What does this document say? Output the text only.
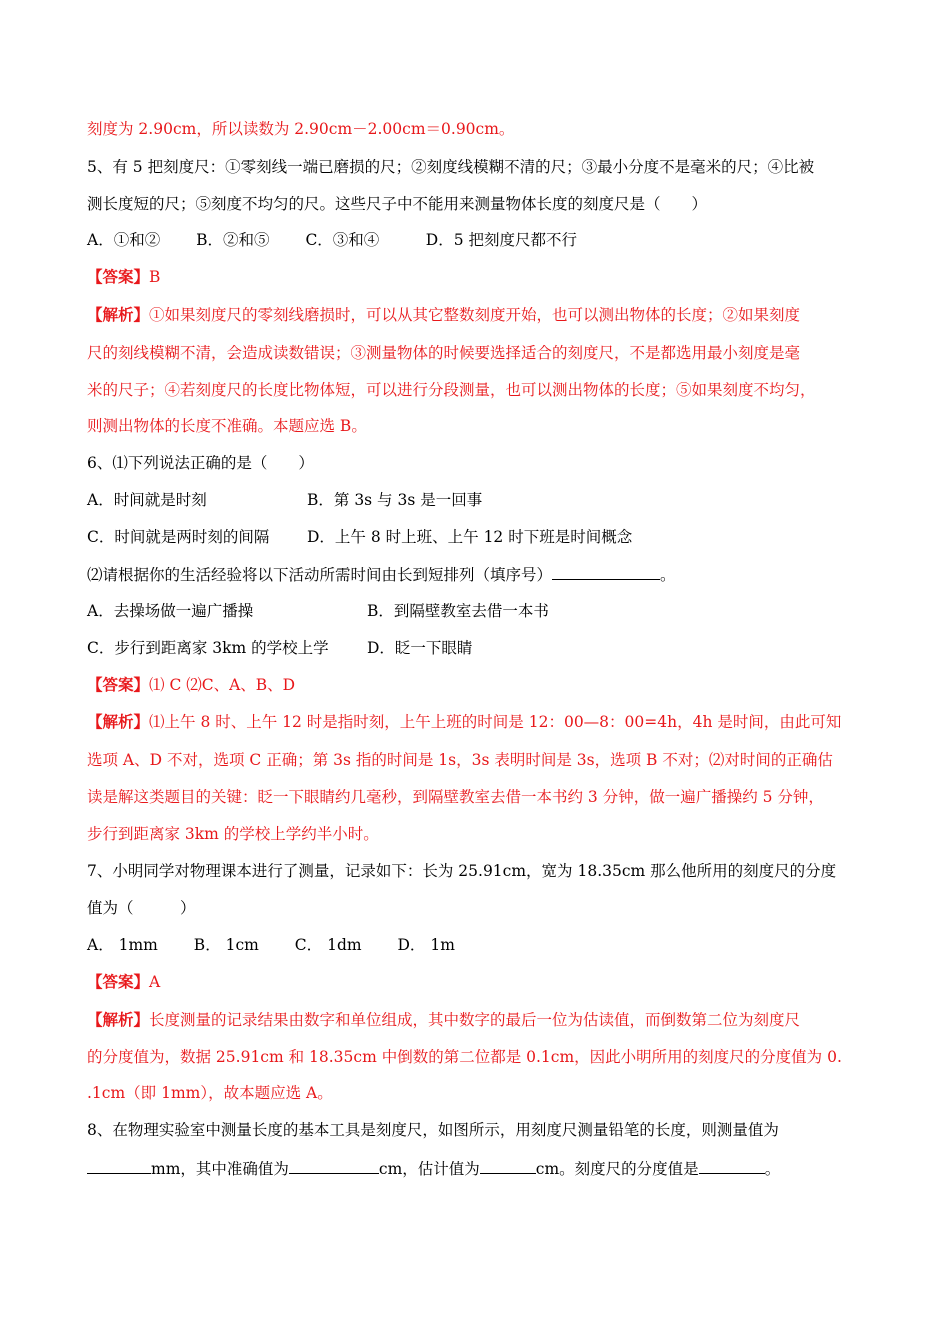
刻度为 2.90cm，所以读数为 2.90cm－2.00cm＝0.90cm。
5、有 5 把刻度尺：①零刻线一端已磨损的尺；②刻度线模糊不清的尺；③最小分度不是毫米的尺；④比被
测长度短的尺；⑤刻度不均匀的尺。这些尺子中不能用来测量物体长度的刻度尺是（　　）
A．①和②　　 B．②和⑤　　 C．③和④　　　D．5 把刻度尺都不行
【答案】B
【解析】①如果刻度尺的零刻线磨损时，可以从其它整数刻度开始，也可以测出物体的长度；②如果刻度
尺的刻线模糊不清，会造成读数错误；③测量物体的时候要选择适合的刻度尺，不是都选用最小刻度是毫
米的尺子；④若刻度尺的长度比物体短，可以进行分段测量，也可以测出物体的长度；⑤如果刻度不均匀，
则测出物体的长度不准确。本题应选 B。
6、⑴下列说法正确的是（　　）
A．时间就是时刻	B．第 3s 与 3s 是一回事
C．时间就是两时刻的间隔 D．上午 8 时上班、上午 12 时下班是时间概念
⑵请根据你的生活经验将以下活动所需时间由长到短排列（填序号）	。
A．去操场做一遍广播操	B．到隔壁教室去借一本书
C．步行到距离家 3km 的学校上学 D．眨一下眼睛
【答案】⑴ C ⑵C、A、B、D
【解析】⑴上午 8 时、上午 12 时是指时刻，上午上班的时间是 12：00—8：00=4h，4h 是时间，由此可知
选项 A、D 不对，选项 C 正确；第 3s 指的时间是 1s，3s 表明时间是 3s，选项 B 不对；⑵对时间的正确估
读是解这类题目的关键：眨一下眼睛约几毫秒，到隔壁教室去借一本书约 3 分钟，做一遍广播操约 5 分钟，
步行到距离家 3km 的学校上学约半小时。
7、小明同学对物理课本进行了测量，记录如下：长为 25.91cm，宽为 18.35cm 那么他所用的刻度尺的分度
值为（　　　）
A． 1mm　　 B． 1cm　　 C． 1dm　　 D． 1m
【答案】A
【解析】长度测量的记录结果由数字和单位组成，其中数字的最后一位为估读值，而倒数第二位为刻度尺
的分度值为，数据 25.91cm 和 18.35cm 中倒数的第二位都是 0.1cm，因此小明所用的刻度尺的分度值为 0.
.1cm（即 1mm），故本题应选 A。
8、在物理实验室中测量长度的基本工具是刻度尺，如图所示，用刻度尺测量铅笔的长度，则测量值为
mm，其中准确值为	cm，估计值为	cm。刻度尺的分度值是	。
